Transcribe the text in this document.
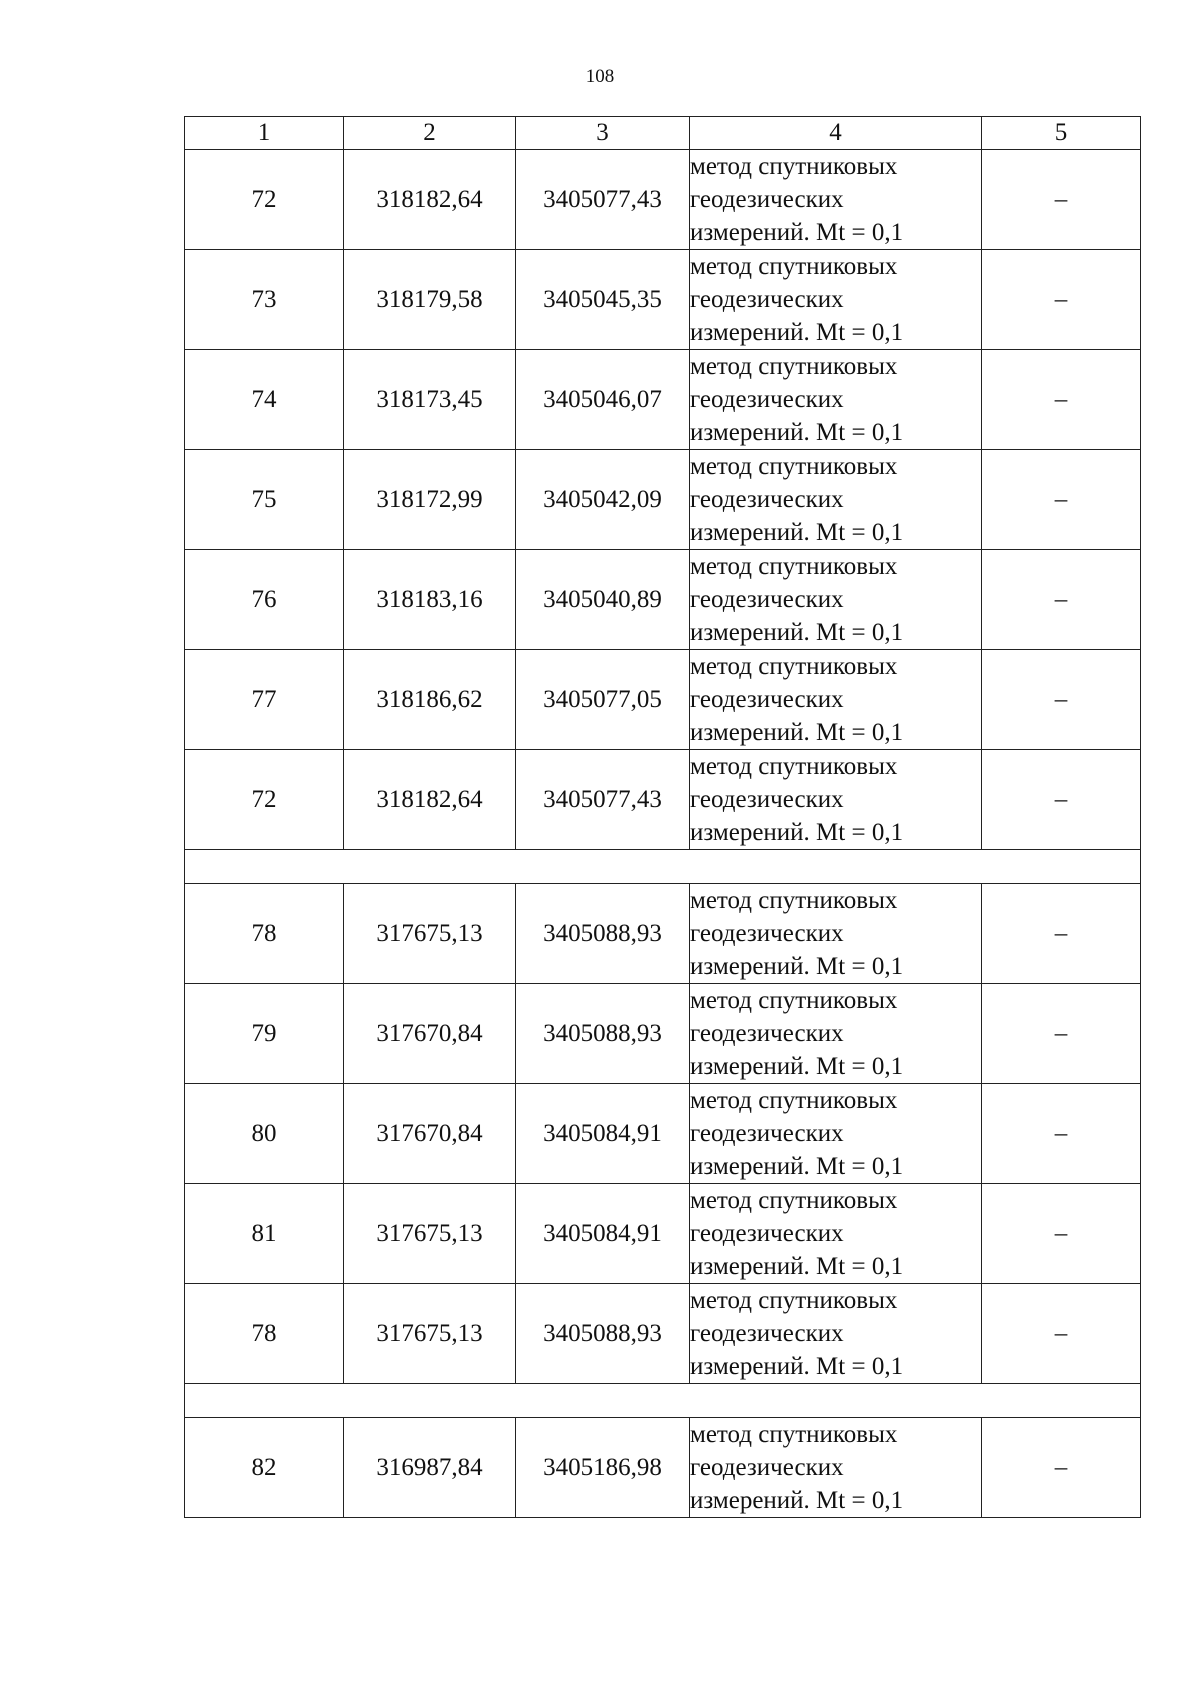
108
1	2	3	4	5
72	318182,64	3405077,43	метод спутниковых
геодезических
измерений. Mt = 0,1	–
73	318179,58	3405045,35	метод спутниковых
геодезических
измерений. Mt = 0,1	–
74	318173,45	3405046,07	метод спутниковых
геодезических
измерений. Mt = 0,1	–
75	318172,99	3405042,09	метод спутниковых
геодезических
измерений. Mt = 0,1	–
76	318183,16	3405040,89	метод спутниковых
геодезических
измерений. Mt = 0,1	–
77	318186,62	3405077,05	метод спутниковых
геодезических
измерений. Mt = 0,1	–
72	318182,64	3405077,43	метод спутниковых
геодезических
измерений. Mt = 0,1	–

78	317675,13	3405088,93	метод спутниковых
геодезических
измерений. Mt = 0,1	–
79	317670,84	3405088,93	метод спутниковых
геодезических
измерений. Mt = 0,1	–
80	317670,84	3405084,91	метод спутниковых
геодезических
измерений. Mt = 0,1	–
81	317675,13	3405084,91	метод спутниковых
геодезических
измерений. Mt = 0,1	–
78	317675,13	3405088,93	метод спутниковых
геодезических
измерений. Mt = 0,1	–

82	316987,84	3405186,98	метод спутниковых
геодезических
измерений. Mt = 0,1	–
